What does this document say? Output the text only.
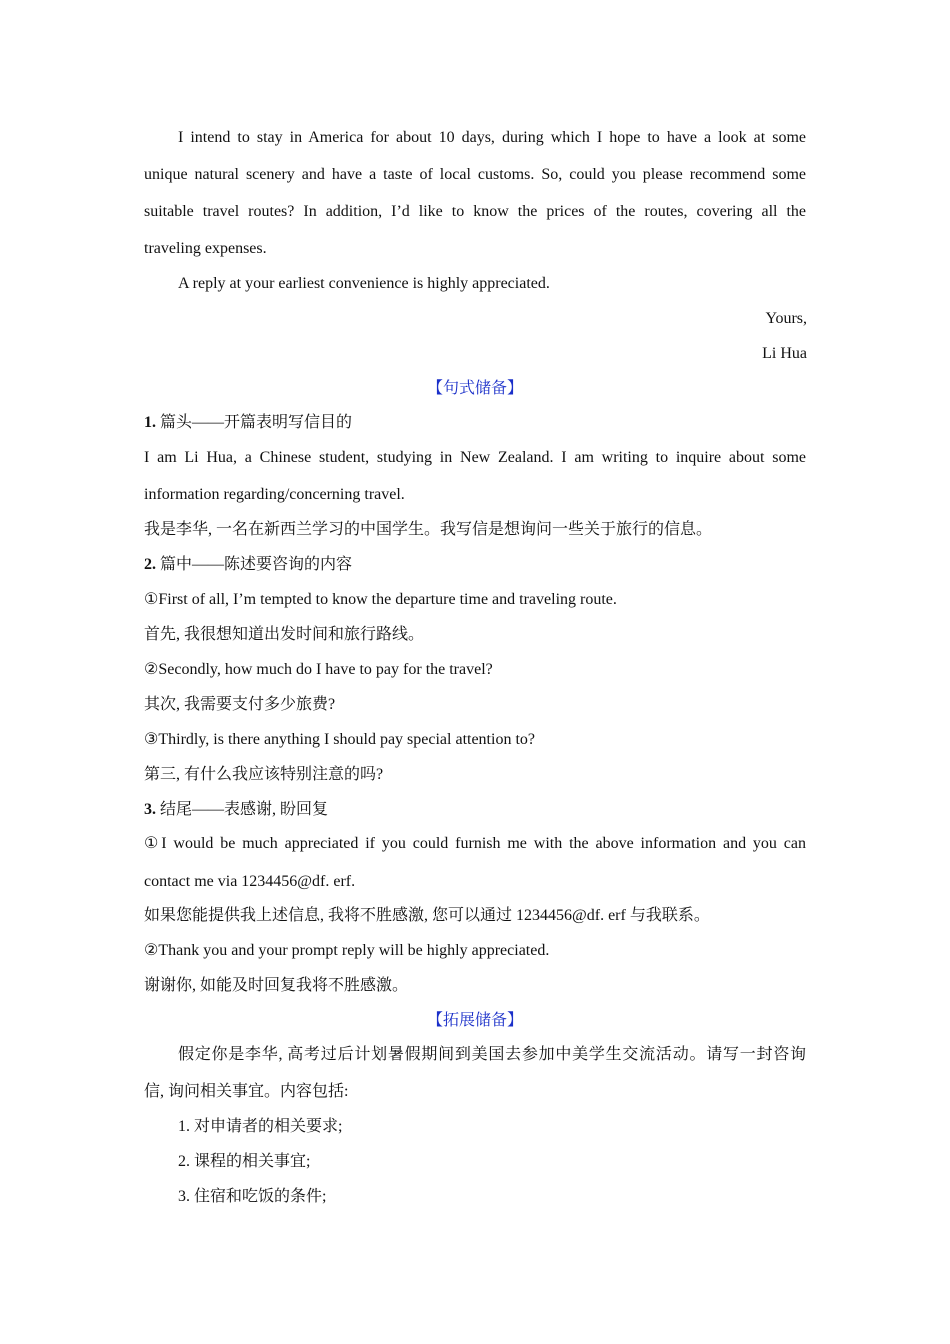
I intend to stay in America for about 10 days, during which I hope to have a look at some
unique natural scenery and have a taste of local customs. So, could you please recommend some
suitable travel routes? In addition, I’d like to know the prices of the routes, covering all the
traveling expenses.
A reply at your earliest convenience is highly appreciated.
Yours,
Li Hua
【句式储备】
1. 篇头——开篇表明写信目的
I am Li Hua, a Chinese student, studying in New Zealand. I am writing to inquire about some
information regarding/concerning travel.
我是李华, 一名在新西兰学习的中国学生。我写信是想询问一些关于旅行的信息。
2. 篇中——陈述要咨询的内容
①First of all, I’m tempted to know the departure time and traveling route.
首先, 我很想知道出发时间和旅行路线。
②Secondly, how much do I have to pay for the travel?
其次, 我需要支付多少旅费?
③Thirdly, is there anything I should pay special attention to?
第三, 有什么我应该特别注意的吗?
3. 结尾——表感谢, 盼回复
①I would be much appreciated if you could furnish me with the above information and you can
contact me via 1234456@df. erf.
如果您能提供我上述信息, 我将不胜感激, 您可以通过 1234456@df. erf 与我联系。
②Thank you and your prompt reply will be highly appreciated.
谢谢你, 如能及时回复我将不胜感激。
【拓展储备】
假定你是李华, 高考过后计划暑假期间到美国去参加中美学生交流活动。请写一封咨询
信, 询问相关事宜。内容包括:
1. 对申请者的相关要求;
2. 课程的相关事宜;
3. 住宿和吃饭的条件;
